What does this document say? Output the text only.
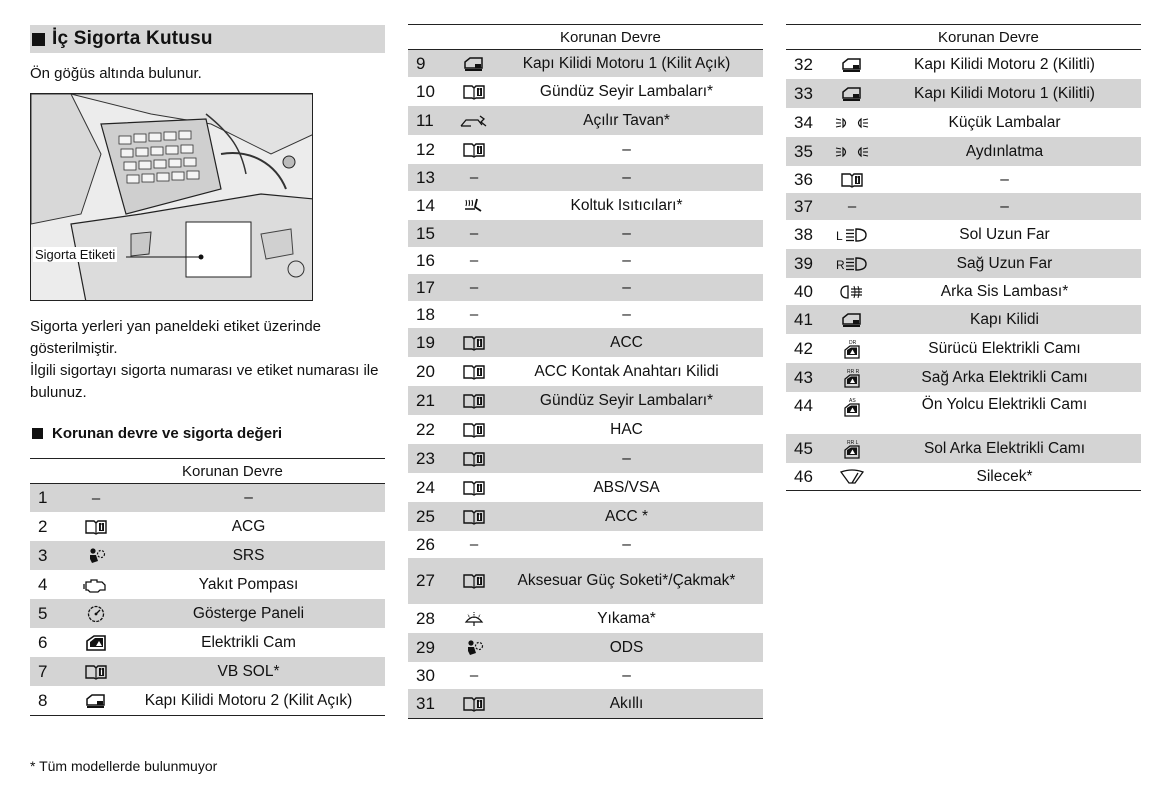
İç Sigorta Kutusu
Ön göğüs altında bulunur.
Sigorta Etiketi

Sigorta yerleri yan paneldeki etiket üzerinde gösterilmiştir.
İlgili sigortayı sigorta numarası ve etiket numarası ile bulunuz.

Korunan devre ve sigorta değeri
Korunan Devre
1	–	–
2	ACG
3	SRS
4	Yakıt Pompası
5	Gösterge Paneli
6	Elektrikli Cam
7	VB SOL*
8	Kapı Kilidi Motoru 2 (Kilit Açık)
Korunan Devre
9	Kapı Kilidi Motoru 1 (Kilit Açık)
10	Gündüz Seyir Lambaları*
11	Açılır Tavan*
12	–
13	–	–
14	Koltuk Isıtıcıları*
15	–	–
16	–	–
17	–	–
18	–	–
19	ACC
20	ACC Kontak Anahtarı Kilidi
21	Gündüz Seyir Lambaları*
22	HAC
23	–
24	ABS/VSA
25	ACC *
26	–	–
27	Aksesuar Güç Soketi*/Çakmak*
28	Yıkama*
29	ODS
30	–	–
31	Akıllı
Korunan Devre
32	Kapı Kilidi Motoru 2 (Kilitli)
33	Kapı Kilidi Motoru 1 (Kilitli)
34	Küçük Lambalar
35	Aydınlatma
36	–
37	–	–
38	L	Sol Uzun Far
39	R	Sağ Uzun Far
40	Arka Sis Lambası*
41	Kapı Kilidi
42	DR	Sürücü Elektrikli Camı
43	RR R	Sağ Arka Elektrikli Camı
44	AS	Ön Yolcu Elektrikli Camı
45	RR L	Sol Arka Elektrikli Camı
46	Silecek*
* Tüm modellerde bulunmuyor
